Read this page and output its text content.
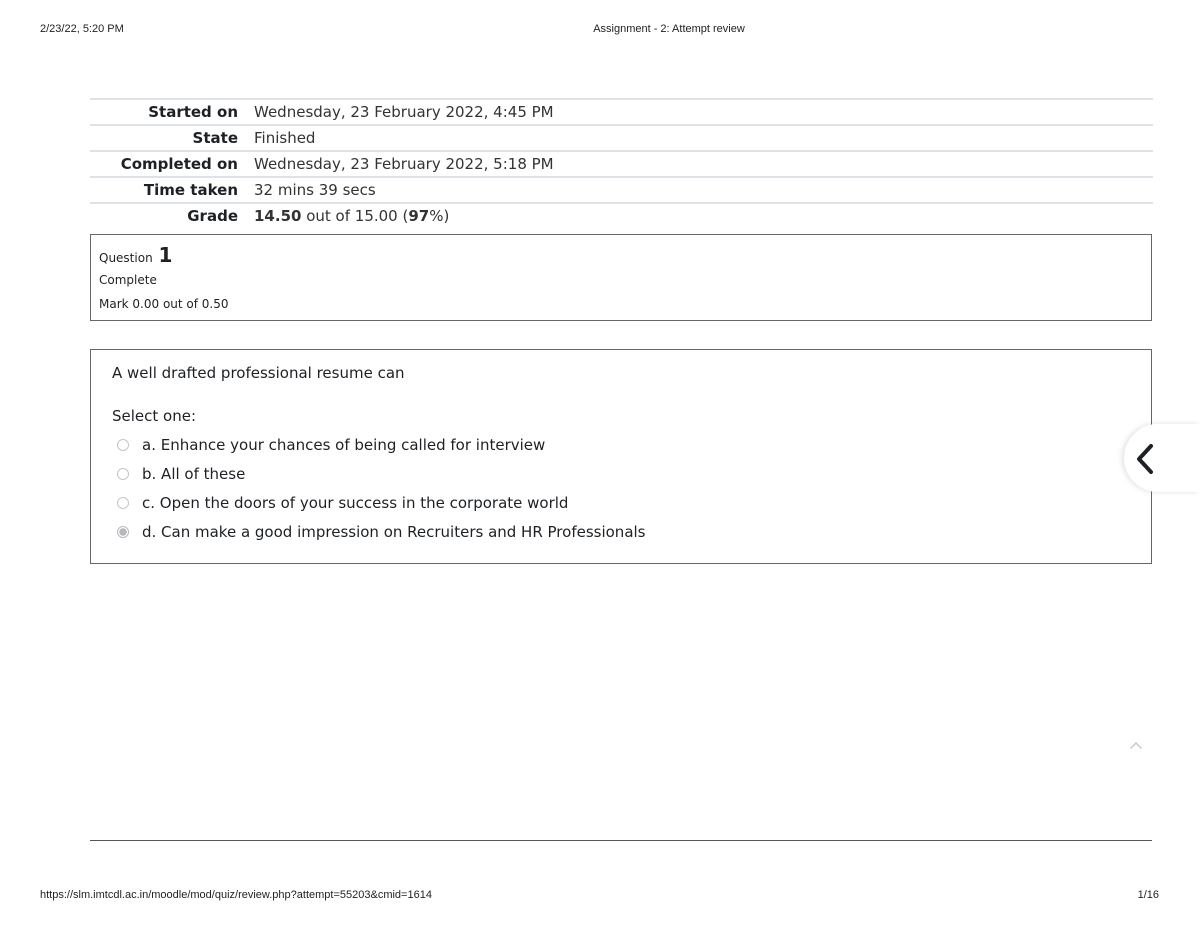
2/23/22, 5:20 PM	Assignment - 2: Attempt review
Started on	Wednesday, 23 February 2022, 4:45 PM
State	Finished
Completed on	Wednesday, 23 February 2022, 5:18 PM
Time taken	32 mins 39 secs
Grade	14.50 out of 15.00 (97%)
Question 1
Complete
Mark 0.00 out of 0.50
A well drafted professional resume can
Select one:
a. Enhance your chances of being called for interview
b. All of these
c. Open the doors of your success in the corporate world
d. Can make a good impression on Recruiters and HR Professionals
https://slm.imtcdl.ac.in/moodle/mod/quiz/review.php?attempt=55203&cmid=1614	1/16
